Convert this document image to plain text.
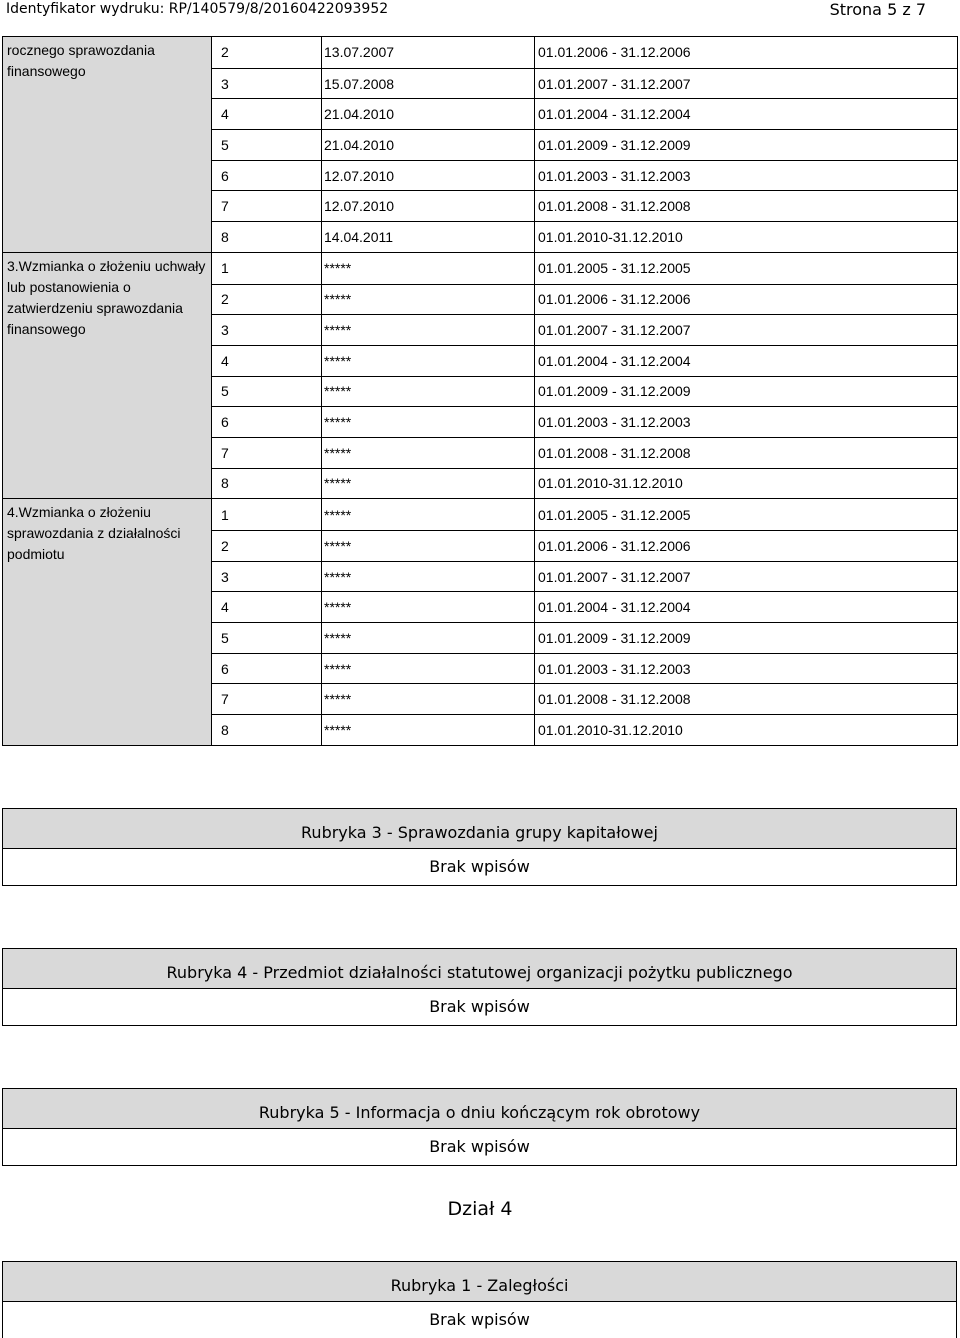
Identyfikator wydruku: RP/140579/8/20160422093952	Strona 5 z 7
rocznego sprawozdania finansowego
2	13.07.2007	01.01.2006 - 31.12.2006
3	15.07.2008	01.01.2007 - 31.12.2007
4	21.04.2010	01.01.2004 - 31.12.2004
5	21.04.2010	01.01.2009 - 31.12.2009
6	12.07.2010	01.01.2003 - 31.12.2003
7	12.07.2010	01.01.2008 - 31.12.2008
8	14.04.2011	01.01.2010-31.12.2010
3.Wzmianka o złożeniu uchwały lub postanowienia o zatwierdzeniu sprawozdania finansowego
1	*****	01.01.2005 - 31.12.2005
2	*****	01.01.2006 - 31.12.2006
3	*****	01.01.2007 - 31.12.2007
4	*****	01.01.2004 - 31.12.2004
5	*****	01.01.2009 - 31.12.2009
6	*****	01.01.2003 - 31.12.2003
7	*****	01.01.2008 - 31.12.2008
8	*****	01.01.2010-31.12.2010
4.Wzmianka o złożeniu sprawozdania z działalności podmiotu
1	*****	01.01.2005 - 31.12.2005
2	*****	01.01.2006 - 31.12.2006
3	*****	01.01.2007 - 31.12.2007
4	*****	01.01.2004 - 31.12.2004
5	*****	01.01.2009 - 31.12.2009
6	*****	01.01.2003 - 31.12.2003
7	*****	01.01.2008 - 31.12.2008
8	*****	01.01.2010-31.12.2010
Rubryka 3 - Sprawozdania grupy kapitałowej
Brak wpisów
Rubryka 4 - Przedmiot działalności statutowej organizacji pożytku publicznego
Brak wpisów
Rubryka 5 - Informacja o dniu kończącym rok obrotowy
Brak wpisów
Dział 4
Rubryka 1 - Zaległości
Brak wpisów
